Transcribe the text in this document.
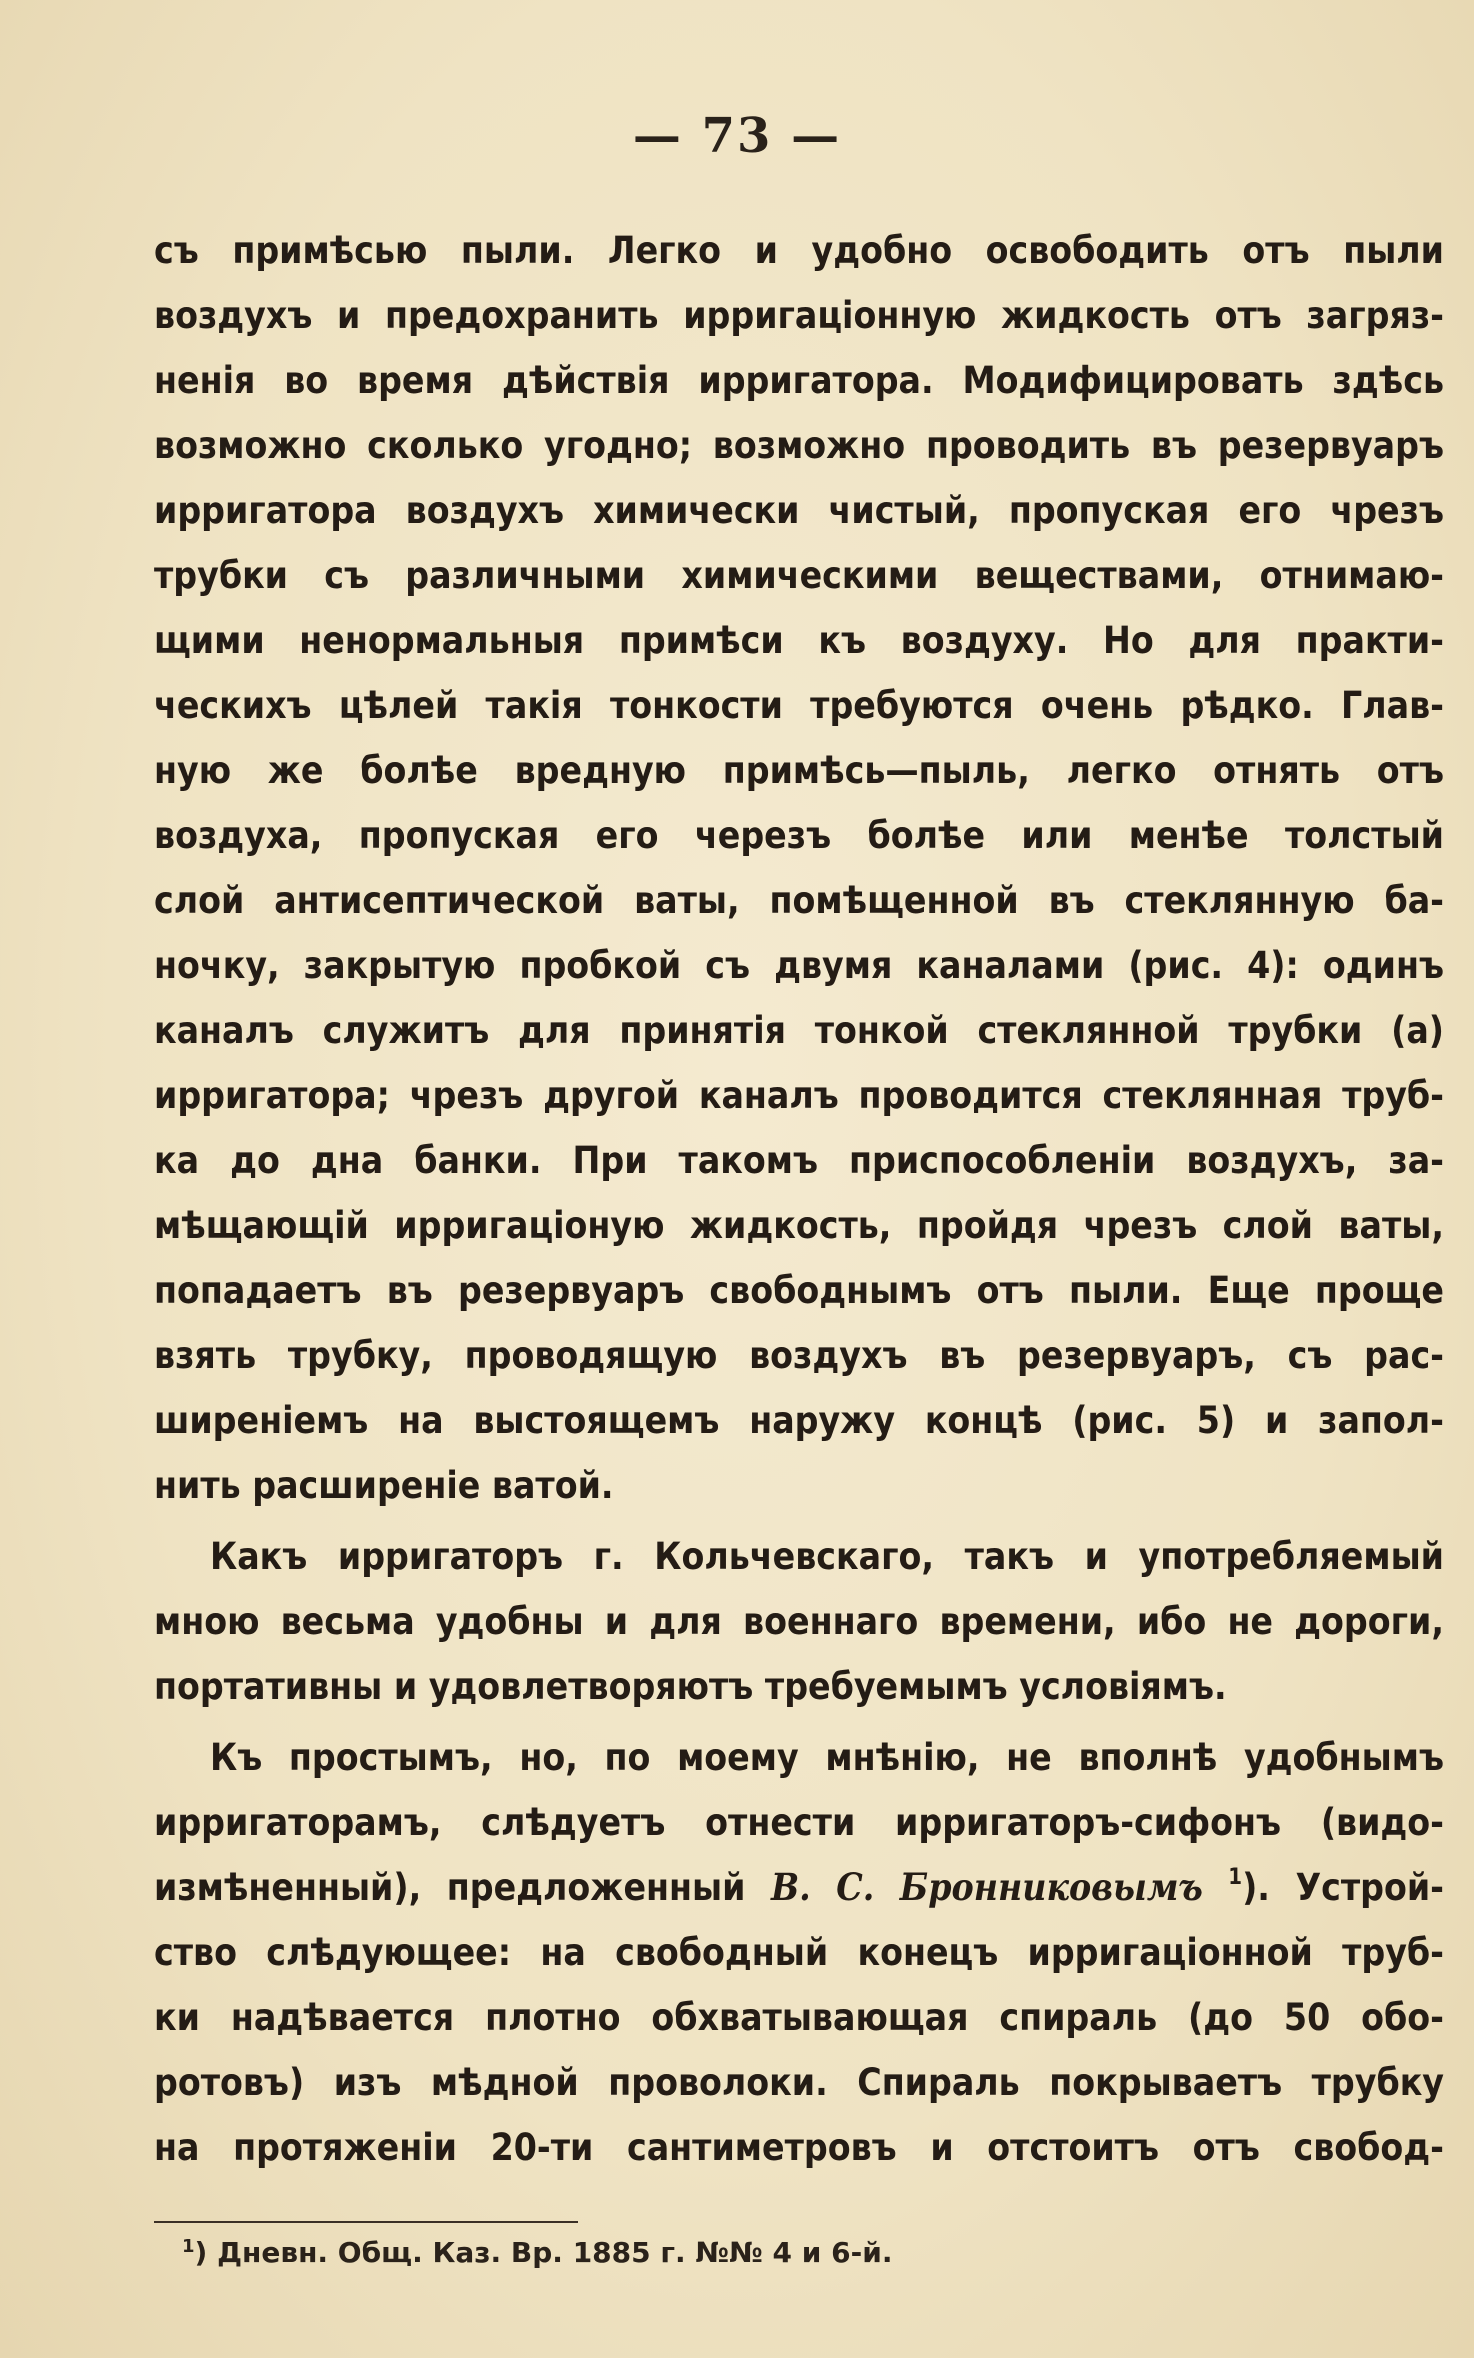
— 73 —
съ примѣсью пыли. Легко и удобно освободить отъ пыли
воздухъ и предохранить ирригаціонную жидкость отъ загряз-
ненія во время дѣйствія ирригатора. Модифицировать здѣсь
возможно сколько угодно; возможно проводить въ резервуаръ
ирригатора воздухъ химически чистый, пропуская его чрезъ
трубки съ различными химическими веществами, отнимаю-
щими ненормальныя примѣси къ воздуху. Но для практи-
ческихъ цѣлей такія тонкости требуются очень рѣдко. Глав-
ную же болѣе вредную примѣсь—пыль, легко отнять отъ
воздуха, пропуская его черезъ болѣе или менѣе толстый
слой антисептической ваты, помѣщенной въ стеклянную ба-
ночку, закрытую пробкой съ двумя каналами (рис. 4): одинъ
каналъ служитъ для принятія тонкой стеклянной трубки (а)
ирригатора; чрезъ другой каналъ проводится стеклянная труб-
ка до дна банки. При такомъ приспособленіи воздухъ, за-
мѣщающій ирригаціоную жидкость, пройдя чрезъ слой ваты,
попадаетъ въ резервуаръ свободнымъ отъ пыли. Еще проще
взять трубку, проводящую воздухъ въ резервуаръ, съ рас-
ширеніемъ на выстоящемъ наружу концѣ (рис. 5) и запол-
нить расширеніе ватой.
Какъ ирригаторъ г. Кольчевскаго, такъ и употребляемый
мною весьма удобны и для военнаго времени, ибо не дороги,
портативны и удовлетворяютъ требуемымъ условіямъ.
Къ простымъ, но, по моему мнѣнію, не вполнѣ удобнымъ
ирригаторамъ, слѣдуетъ отнести ирригаторъ-сифонъ (видо-
измѣненный), предложенный В. С. Бронниковымъ $^1$). Устрой-
ство слѣдующее: на свободный конецъ ирригаціонной труб-
ки надѣвается плотно обхватывающая спираль (до 50 обо-
ротовъ) изъ мѣдной проволоки. Спираль покрываетъ трубку
на протяженіи 20-ти сантиметровъ и отстоитъ отъ свобод-
$^1$) Дневн. Общ. Каз. Вр. 1885 г. №№ 4 и 6-й.
